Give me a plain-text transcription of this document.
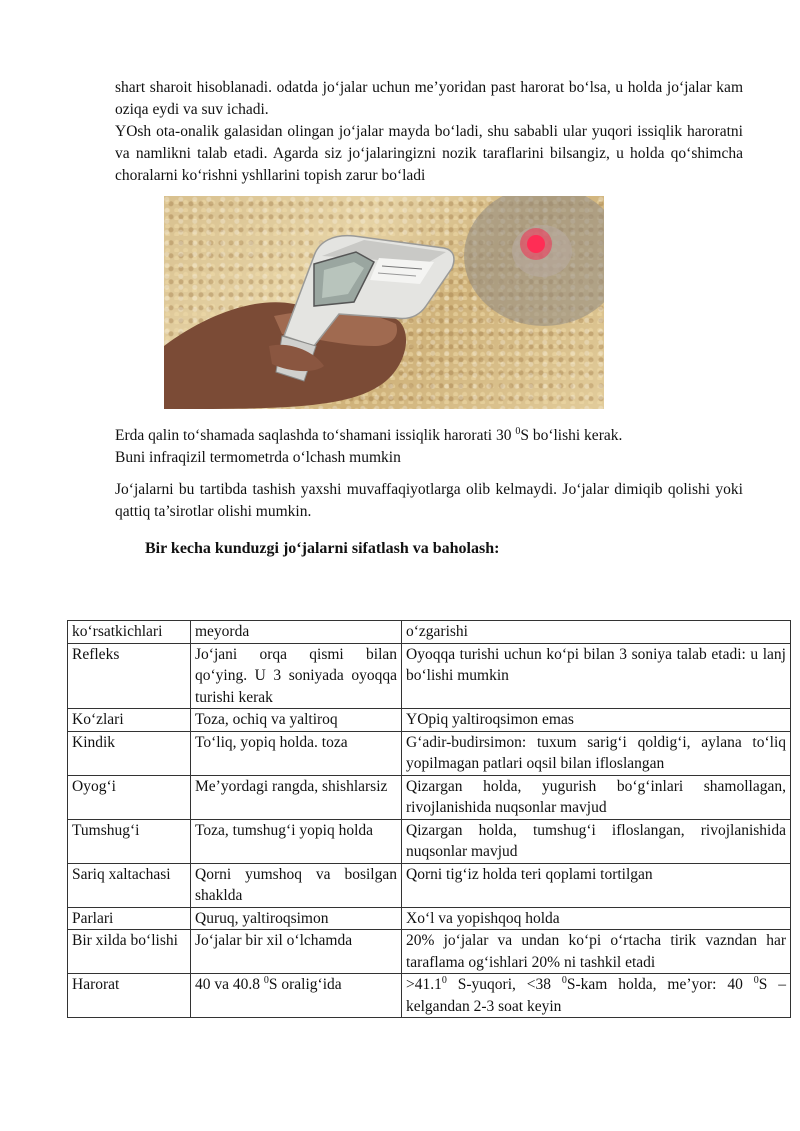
shart sharoit hisoblanadi. odatda jo‘jalar uchun me’yoridan past harorat bo‘lsa, u holda jo‘jalar kam oziqa eydi va suv ichadi.
YOsh ota-onalik galasidan olingan jo‘jalar mayda bo‘ladi, shu sababli ular yuqori issiqlik haroratni va namlikni talab etadi. Agarda siz jo‘jalaringizni nozik taraflarini bilsangiz, u holda qo‘shimcha choralarni ko‘rishni yshllarini topish zarur bo‘ladi

Erda qalin to‘shamada saqlashda to‘shamani issiqlik harorati 30 $^0$S bo‘lishi kerak.
Buni infraqizil termometrda o‘lchash mumkin

Jo‘jalarni bu tartibda tashish yaxshi muvaffaqiyotlarga olib kelmaydi. Jo‘jalar dimiqib qolishi yoki qattiq ta’sirotlar olishi mumkin.

Bir kecha kunduzgi jo‘jalarni sifatlash va baholash:
ko‘rsatkichlari	meyorda	o‘zgarishi
Refleks	Jo‘jani orqa qismi bilan qo‘ying. U 3 soniyada oyoqqa turishi kerak	Oyoqqa turishi uchun ko‘pi bilan 3 soniya talab etadi: u lanj bo‘lishi mumkin
Ko‘zlari	Toza, ochiq va yaltiroq	YOpiq yaltiroqsimon emas
Kindik	To‘liq, yopiq holda. toza	G‘adir-budirsimon: tuxum sarig‘i qoldig‘i, aylana to‘liq yopilmagan patlari oqsil bilan ifloslangan
Oyog‘i	Me’yordagi rangda, shishlarsiz	Qizargan holda, yugurish bo‘g‘inlari shamollagan, rivojlanishida nuqsonlar mavjud
Tumshug‘i	Toza, tumshug‘i yopiq holda	Qizargan holda, tumshug‘i ifloslangan, rivojlanishida nuqsonlar mavjud
Sariq xaltachasi	Qorni yumshoq va bosilgan shaklda	Qorni tig‘iz holda teri qoplami tortilgan
Parlari	Quruq, yaltiroqsimon	Xo‘l va yopishqoq holda
Bir xilda bo‘lishi	Jo‘jalar bir xil o‘lchamda	20% jo‘jalar va undan ko‘pi o‘rtacha tirik vazndan har taraflama og‘ishlari 20% ni tashkil etadi
Harorat	40 va 40.8 $^0$S oralig‘ida	$>41.1^0$ S-yuqori, <38 $^0$S-kam holda, me’yor: 40 $^0$S –kelgandan 2-3 soat keyin
